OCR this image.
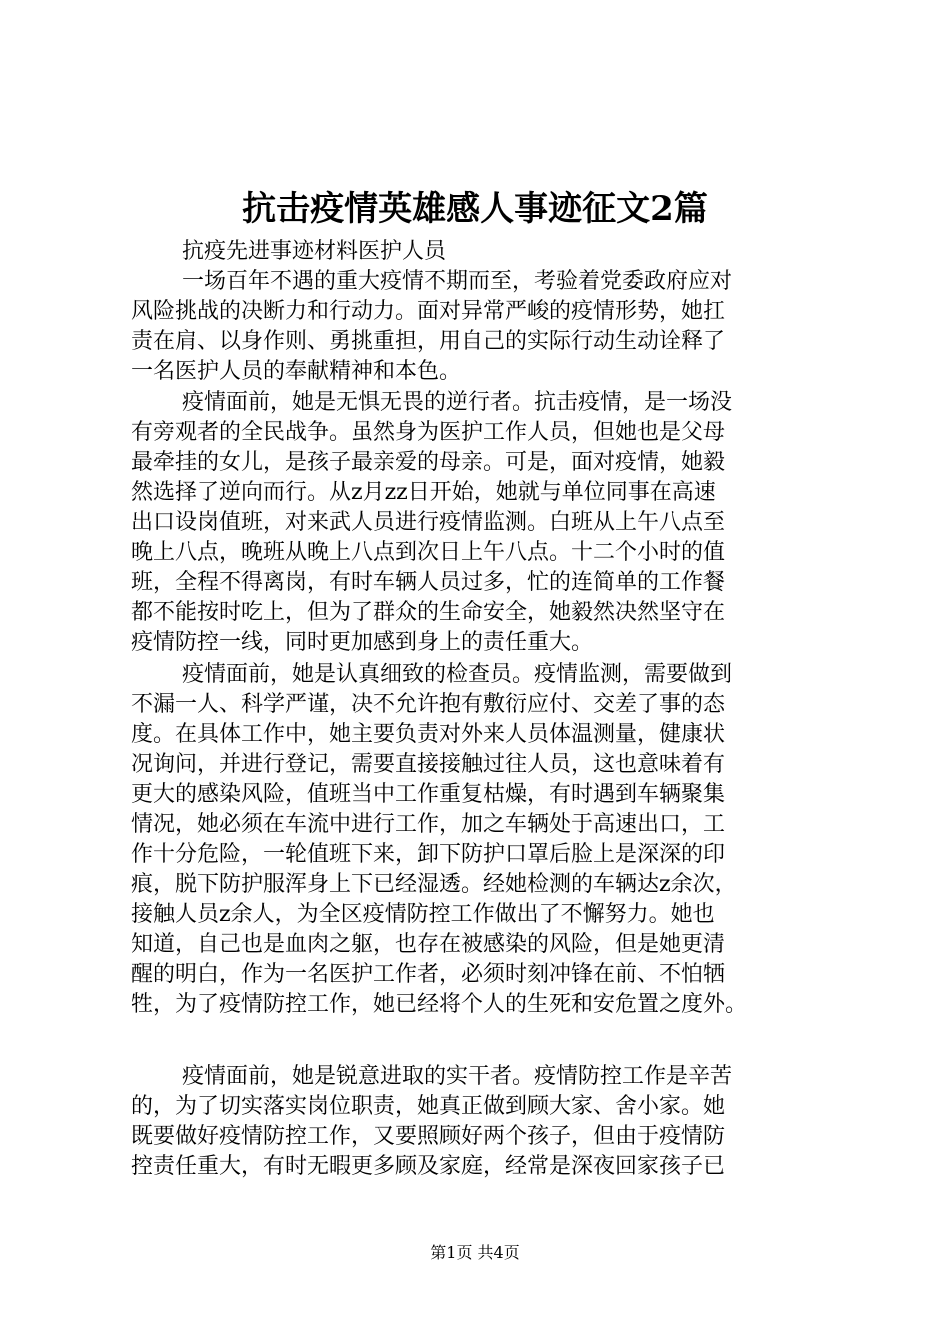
抗击疫情英雄感人事迹征文2篇
抗疫先进事迹材料医护人员
一场百年不遇的重大疫情不期而至，考验着党委政府应对
风险挑战的决断力和行动力。面对异常严峻的疫情形势，她扛
责在肩、以身作则、勇挑重担，用自己的实际行动生动诠释了
一名医护人员的奉献精神和本色。
疫情面前，她是无惧无畏的逆行者。抗击疫情，是一场没
有旁观者的全民战争。虽然身为医护工作人员，但她也是父母
最牵挂的女儿，是孩子最亲爱的母亲。可是，面对疫情，她毅
然选择了逆向而行。从z月zz日开始，她就与单位同事在高速
出口设岗值班，对来武人员进行疫情监测。白班从上午八点至
晚上八点，晚班从晚上八点到次日上午八点。十二个小时的值
班，全程不得离岗，有时车辆人员过多，忙的连简单的工作餐
都不能按时吃上，但为了群众的生命安全，她毅然决然坚守在
疫情防控一线，同时更加感到身上的责任重大。
疫情面前，她是认真细致的检查员。疫情监测，需要做到
不漏一人、科学严谨，决不允许抱有敷衍应付、交差了事的态
度。在具体工作中，她主要负责对外来人员体温测量，健康状
况询问，并进行登记，需要直接接触过往人员，这也意味着有
更大的感染风险，值班当中工作重复枯燥，有时遇到车辆聚集
情况，她必须在车流中进行工作，加之车辆处于高速出口，工
作十分危险，一轮值班下来，卸下防护口罩后脸上是深深的印
痕，脱下防护服浑身上下已经湿透。经她检测的车辆达z余次，
接触人员z余人，为全区疫情防控工作做出了不懈努力。她也
知道，自己也是血肉之躯，也存在被感染的风险，但是她更清
醒的明白，作为一名医护工作者，必须时刻冲锋在前、不怕牺
牲，为了疫情防控工作，她已经将个人的生死和安危置之度外。
疫情面前，她是锐意进取的实干者。疫情防控工作是辛苦
的，为了切实落实岗位职责，她真正做到顾大家、舍小家。她
既要做好疫情防控工作，又要照顾好两个孩子，但由于疫情防
控责任重大，有时无暇更多顾及家庭，经常是深夜回家孩子已
第1页 共4页
